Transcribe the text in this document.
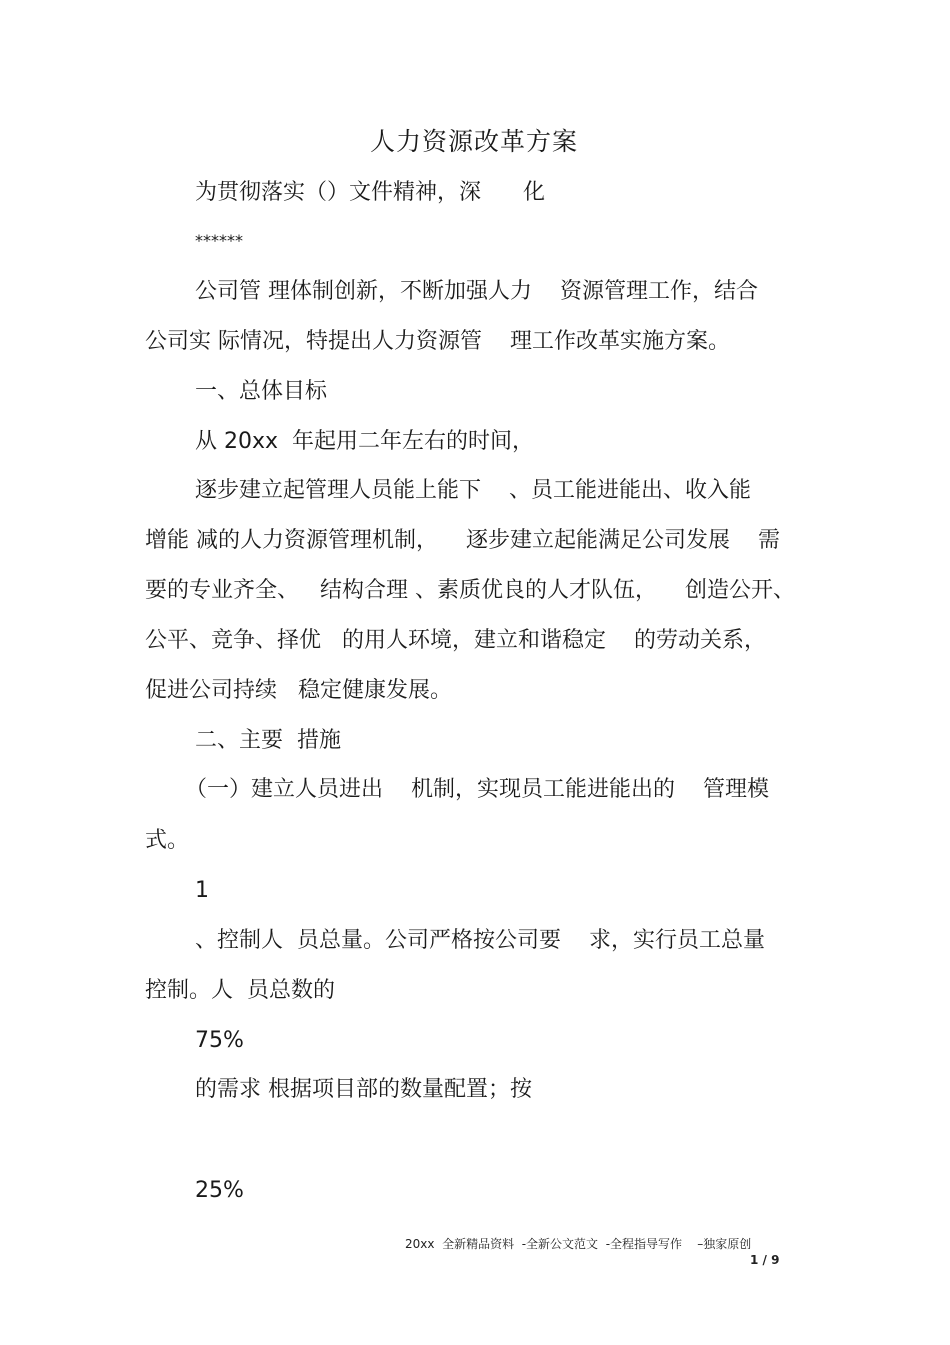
人力资源改革方案
为贯彻落实（）文件精神，深      化
******
公司管 理体制创新，不断加强人力    资源管理工作，结合
公司实 际情况，特提出人力资源管    理工作改革实施方案。
一、总体目标
从 20xx  年起用二年左右的时间，
逐步建立起管理人员能上能下    、员工能进能出、收入能
增能 减的人力资源管理机制，    逐步建立起能满足公司发展    需
要的专业齐全、   结构合理 、素质优良的人才队伍，    创造公开、
公平、竞争、择优   的用人环境，建立和谐稳定    的劳动关系，
促进公司持续   稳定健康发展。
二、主要  措施
（一）建立人员进出    机制，实现员工能进能出的    管理模
式。
1
、控制人  员总量。公司严格按公司要    求，实行员工总量
控制。人  员总数的
75%
的需求 根据项目部的数量配置；按
25%
20xx  全新精品资料  -全新公文范文  -全程指导写作    –独家原创
1 / 9
